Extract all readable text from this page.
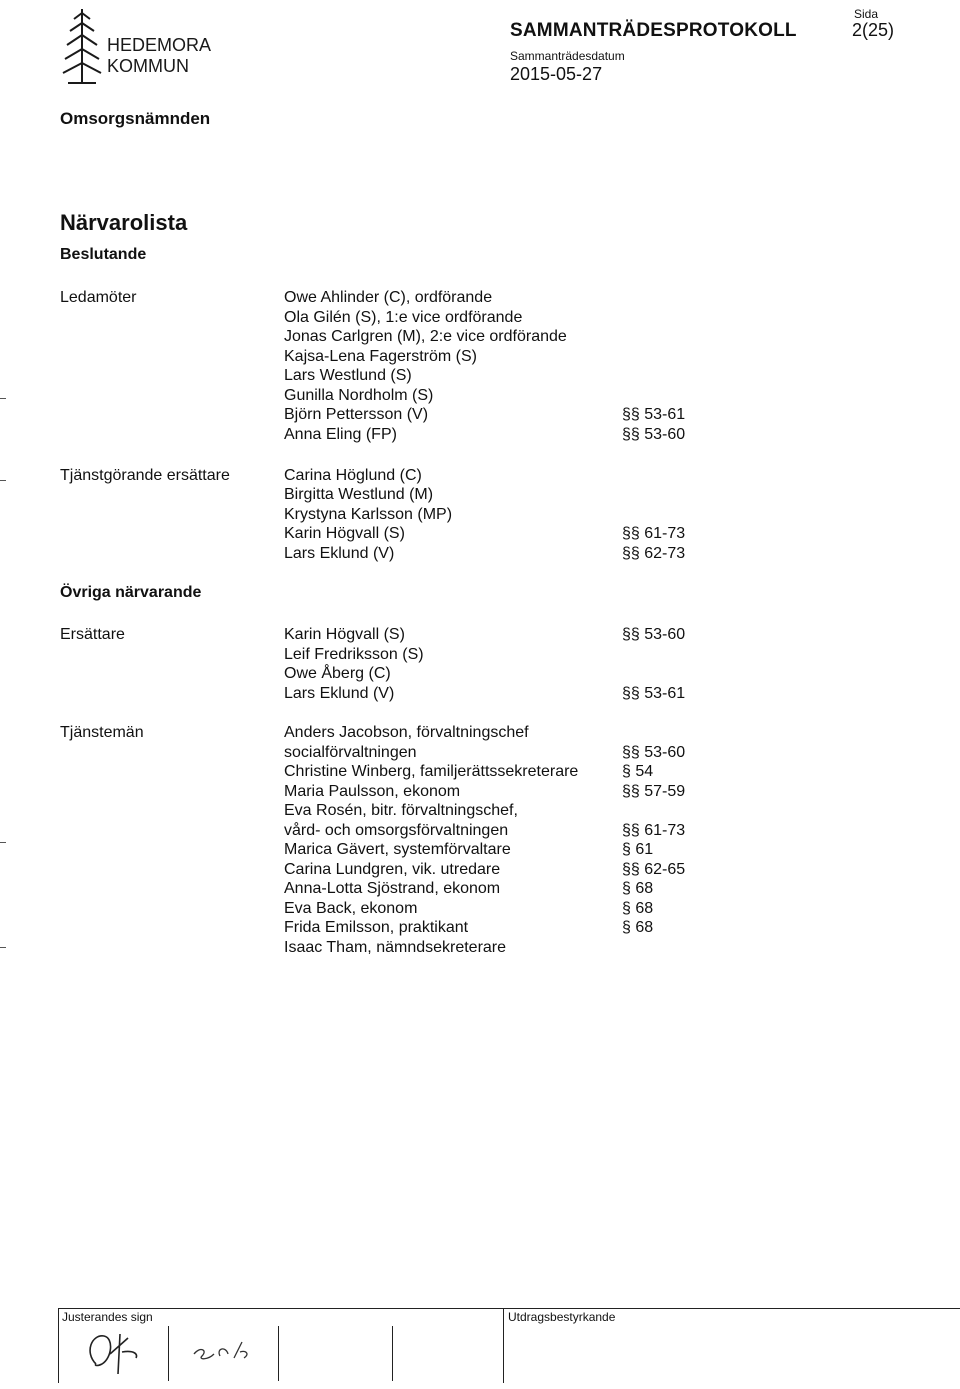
HEDEMORA
KOMMUN
SAMMANTRÄDESPROTOKOLL
Sammanträdesdatum
2015-05-27
Sida
2(25)
Omsorgsnämnden
Närvarolista
Beslutande
Ledamöter	Owe Ahlinder (C), ordförande
Ola Gilén (S), 1:e vice ordförande
Jonas Carlgren (M), 2:e vice ordförande
Kajsa-Lena Fagerström (S)
Lars Westlund (S)
Gunilla Nordholm (S)
Björn Pettersson (V)	§§ 53-61
Anna Eling (FP)	§§ 53-60
Tjänstgörande ersättare	Carina Höglund (C)
Birgitta Westlund (M)
Krystyna Karlsson (MP)
Karin Högvall (S)	§§ 61-73
Lars Eklund (V)	§§ 62-73
Övriga närvarande
Ersättare	Karin Högvall (S)	§§ 53-60
Leif Fredriksson (S)
Owe Åberg (C)
Lars Eklund (V)	§§ 53-61
Tjänstemän	Anders Jacobson, förvaltningschef
socialförvaltningen	§§ 53-60
Christine Winberg, familjerättssekreterare	§ 54
Maria Paulsson, ekonom	§§ 57-59
Eva Rosén, bitr. förvaltningschef,
vård- och omsorgsförvaltningen	§§ 61-73
Marica Gävert, systemförvaltare	§ 61
Carina Lundgren, vik. utredare	§§ 62-65
Anna-Lotta Sjöstrand, ekonom	§ 68
Eva Back, ekonom	§ 68
Frida Emilsson, praktikant	§ 68
Isaac Tham, nämndsekreterare
Justerandes sign	Utdragsbestyrkande
